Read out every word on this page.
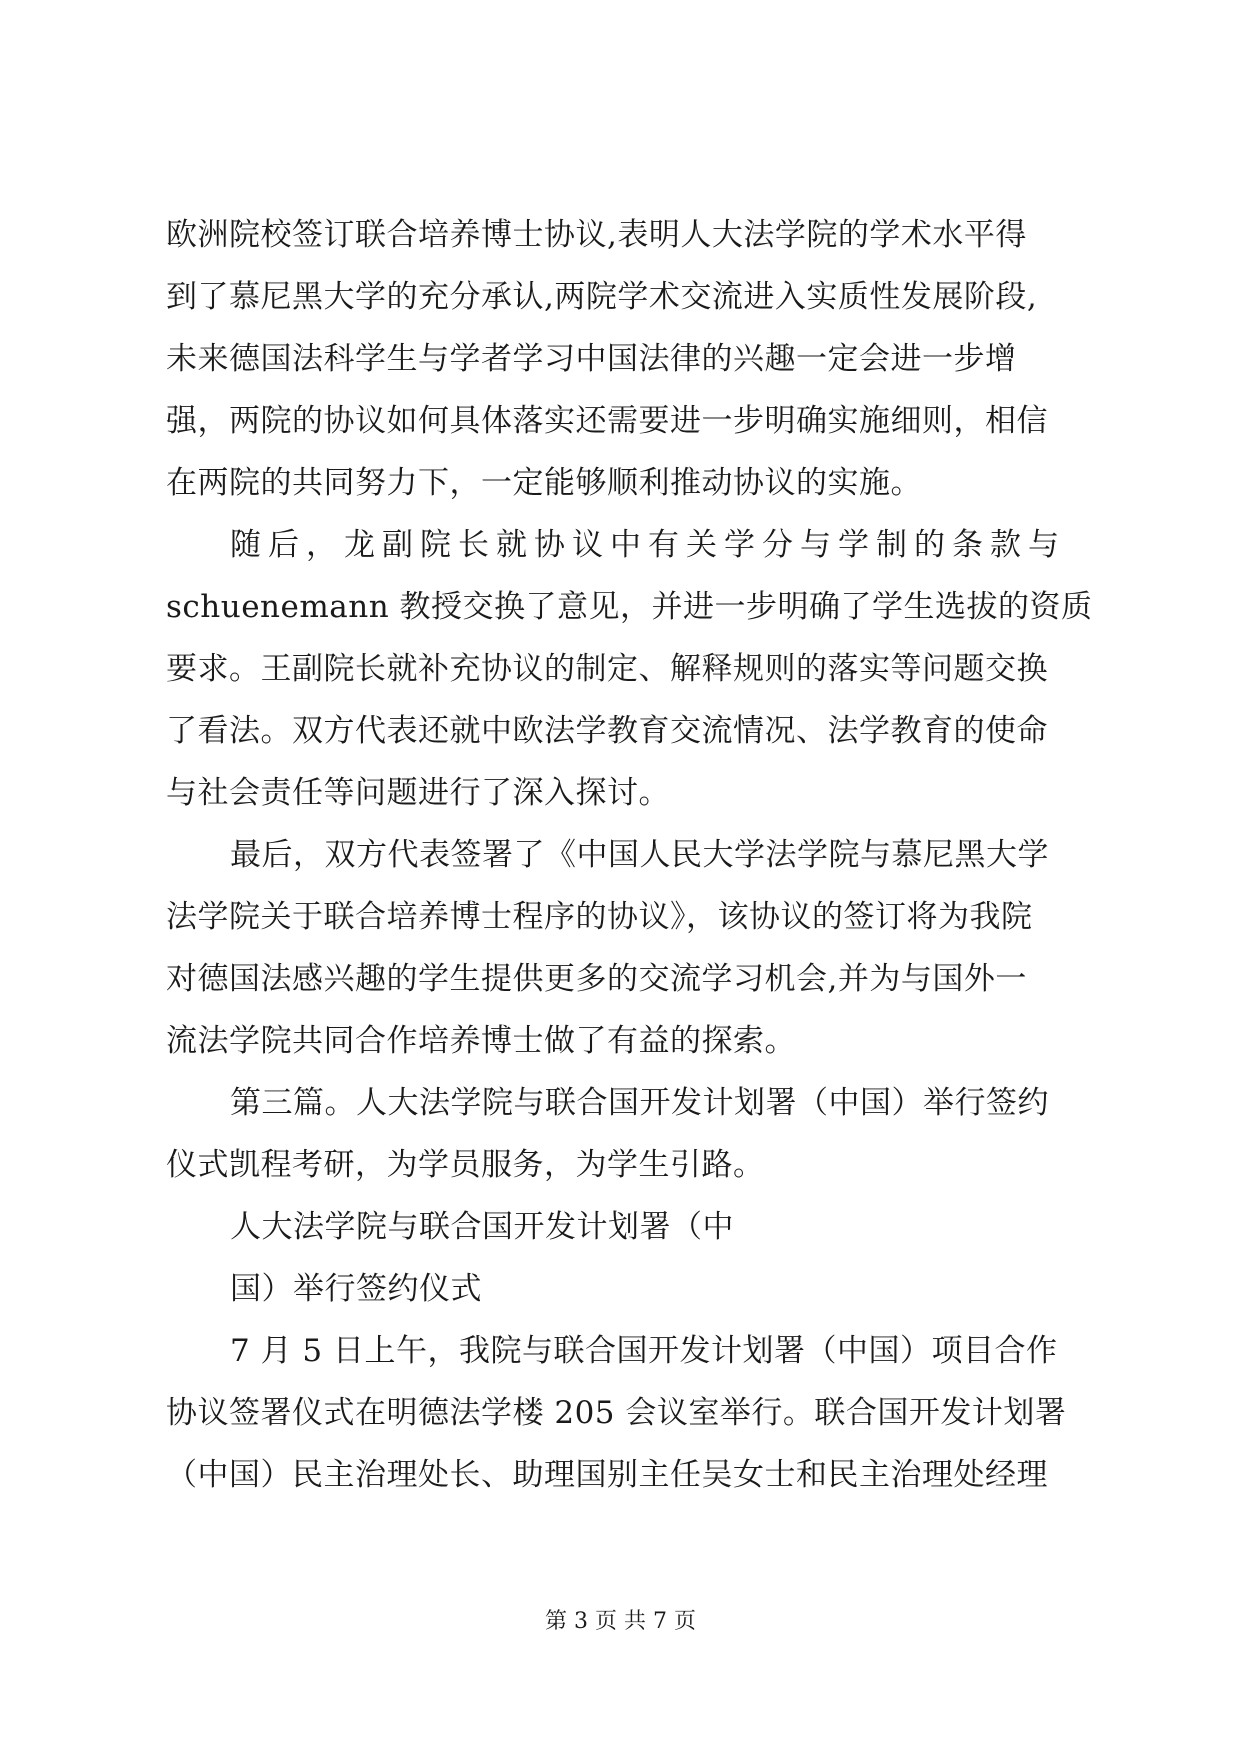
欧洲院校签订联合培养博士协议,表明人大法学院的学术水平得
到了慕尼黑大学的充分承认,两院学术交流进入实质性发展阶段,
未来德国法科学生与学者学习中国法律的兴趣一定会进一步增
强，两院的协议如何具体落实还需要进一步明确实施细则，相信
在两院的共同努力下，一定能够顺利推动协议的实施。
随后，龙副院长就协议中有关学分与学制的条款与
schuenemann 教授交换了意见，并进一步明确了学生选拔的资质
要求。王副院长就补充协议的制定、解释规则的落实等问题交换
了看法。双方代表还就中欧法学教育交流情况、法学教育的使命
与社会责任等问题进行了深入探讨。
最后，双方代表签署了《中国人民大学法学院与慕尼黑大学
法学院关于联合培养博士程序的协议》，该协议的签订将为我院
对德国法感兴趣的学生提供更多的交流学习机会,并为与国外一
流法学院共同合作培养博士做了有益的探索。
第三篇。人大法学院与联合国开发计划署（中国）举行签约
仪式凯程考研，为学员服务，为学生引路。
人大法学院与联合国开发计划署（中
国）举行签约仪式
7 月 5 日上午，我院与联合国开发计划署（中国）项目合作
协议签署仪式在明德法学楼 205 会议室举行。联合国开发计划署
（中国）民主治理处长、助理国别主任吴女士和民主治理处经理
第 3 页 共 7 页
